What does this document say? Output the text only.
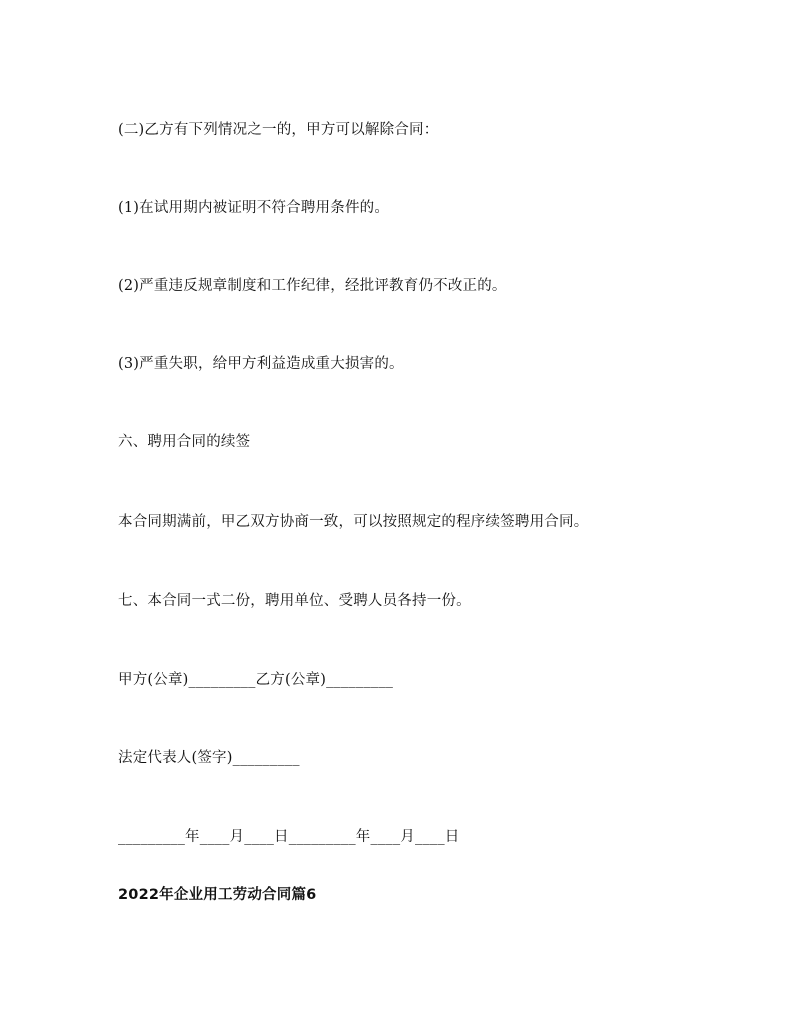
(二)乙方有下列情况之一的，甲方可以解除合同：
(1)在试用期内被证明不符合聘用条件的。
(2)严重违反规章制度和工作纪律，经批评教育仍不改正的。
(3)严重失职，给甲方利益造成重大损害的。
六、聘用合同的续签
本合同期满前，甲乙双方协商一致，可以按照规定的程序续签聘用合同。
七、本合同一式二份，聘用单位、受聘人员各持一份。
甲方(公章)_________乙方(公章)_________
法定代表人(签字)_________
_________年____月____日_________年____月____日
2022年企业用工劳动合同篇6
